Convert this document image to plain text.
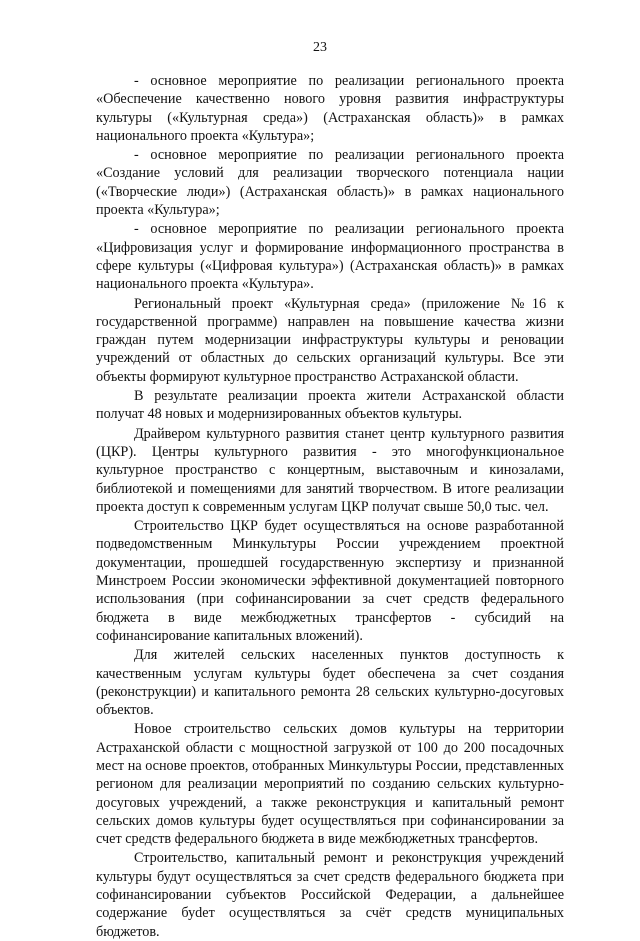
23

- основное мероприятие по реализации регионального проекта «Обеспечение качественно нового уровня развития инфраструктуры культуры («Культурная среда») (Астраханская область)» в рамках национального проекта «Культура»;

- основное мероприятие по реализации регионального проекта «Создание условий для реализации творческого потенциала нации («Творческие люди») (Астраханская область)» в рамках национального проекта «Культура»;

- основное мероприятие по реализации регионального проекта «Цифровизация услуг и формирование информационного пространства в сфере культуры («Цифровая культура») (Астраханская область)» в рамках национального проекта «Культура».

Региональный проект «Культурная среда» (приложение №16 к государственной программе) направлен на повышение качества жизни граждан путем модернизации инфраструктуры культуры и реновации учреждений от областных до сельских организаций культуры. Все эти объекты формируют культурное пространство Астраханской области.

В результате реализации проекта жители Астраханской области получат 48 новых и модернизированных объектов культуры.

Драйвером культурного развития станет центр культурного развития (ЦКР). Центры культурного развития - это многофункциональное культурное пространство с концертным, выставочным и кинозалами, библиотекой и помещениями для занятий творчеством. В итоге реализации проекта доступ к современным услугам ЦКР получат свыше 50,0 тыс. чел.

Строительство ЦКР будет осуществляться на основе разработанной подведомственным Минкультуры России учреждением проектной документации, прошедшей государственную экспертизу и признанной Минстроем России экономически эффективной документацией повторного использования (при софинансировании за счет средств федерального бюджета в виде межбюджетных трансфертов - субсидий на софинансирование капитальных вложений).

Для жителей сельских населенных пунктов доступность к качественным услугам культуры будет обеспечена за счет создания (реконструкции) и капитального ремонта 28 сельских культурно-досуговых объектов.

Новое строительство сельских домов культуры на территории Астраханской области с мощностной загрузкой от 100 до 200 посадочных мест на основе проектов, отобранных Минкультуры России, представленных регионом для реализации мероприятий по созданию сельских культурно-досуговых учреждений, а также реконструкция и капитальный ремонт сельских домов культуры будет осуществляться при софинансировании за счет средств федерального бюджета в виде межбюджетных трансфертов.

Строительство, капитальный ремонт и реконструкция учреждений культуры будут осуществляться за счет средств федерального бюджета при софинансировании субъектов Российской Федерации, а дальнейшее содержание буdет осуществляться за счёт средств муниципальных бюджетов.
